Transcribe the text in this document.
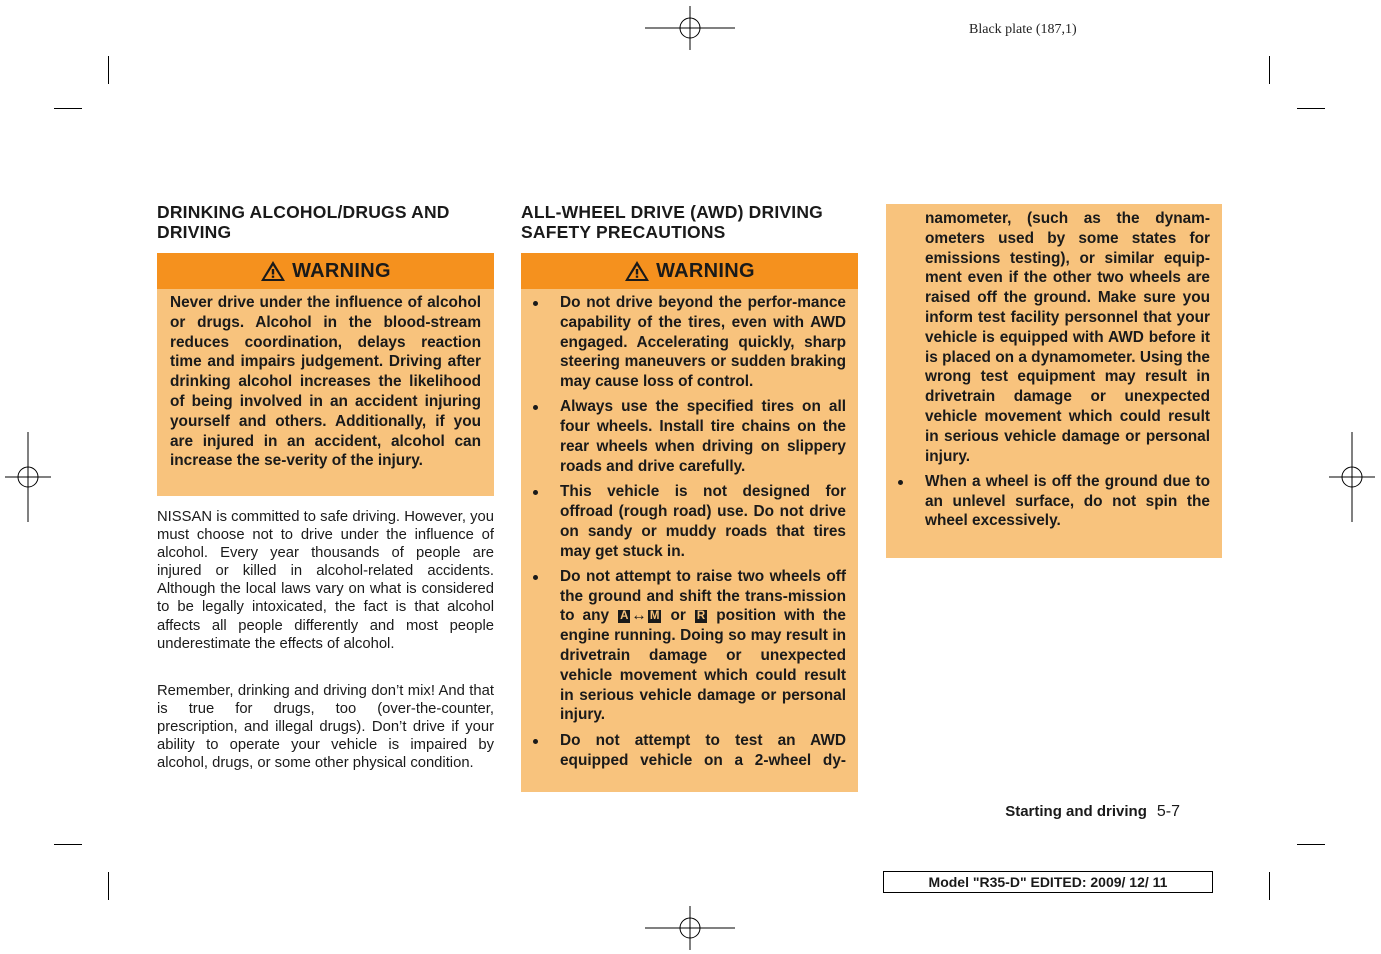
Black plate (187,1)
DRINKING ALCOHOL/DRUGS AND DRIVING
WARNING

Never drive under the influence of alcohol or drugs. Alcohol in the blood-stream reduces coordination, delays reaction time and impairs judgement. Driving after drinking alcohol increases the likelihood of being involved in an accident injuring yourself and others. Additionally, if you are injured in an accident, alcohol can increase the se-verity of the injury.

NISSAN is committed to safe driving. However, you must choose not to drive under the influence of alcohol. Every year thousands of people are injured or killed in alcohol-related accidents. Although the local laws vary on what is considered to be legally intoxicated, the fact is that alcohol affects all people differently and most people underestimate the effects of alcohol.

Remember, drinking and driving don’t mix! And that is true for drugs, too (over-the-counter, prescription, and illegal drugs). Don’t drive if your ability to operate your vehicle is impaired by alcohol, drugs, or some other physical condition.

ALL-WHEEL DRIVE (AWD) DRIVING SAFETY PRECAUTIONS
WARNING

Do not drive beyond the perfor-mance capability of the tires, even with AWD engaged. Accelerating quickly, sharp steering maneuvers or sudden braking may cause loss of control.

Always use the specified tires on all four wheels. Install tire chains on the rear wheels when driving on slippery roads and drive carefully.

This vehicle is not designed for offroad (rough road) use. Do not drive on sandy or muddy roads that tires may get stuck in.

Do not attempt to raise two wheels off the ground and shift the trans-mission to any A ↔ M or R position with the engine running. Doing so may result in drivetrain damage or unexpected vehicle movement which could result in serious vehicle damage or personal injury.

Do not attempt to test an AWD equipped vehicle on a 2-wheel dy-

namometer, (such as the dynam-ometers used by some states for emissions testing), or similar equip-ment even if the other two wheels are raised off the ground. Make sure you inform test facility personnel that your vehicle is equipped with AWD before it is placed on a dynamometer. Using the wrong test equipment may result in drivetrain damage or unexpected vehicle movement which could result in serious vehicle damage or personal injury.

When a wheel is off the ground due to an unlevel surface, do not spin the wheel excessively.

Starting and driving 5-7
Model "R35-D" EDITED: 2009/ 12/ 11
